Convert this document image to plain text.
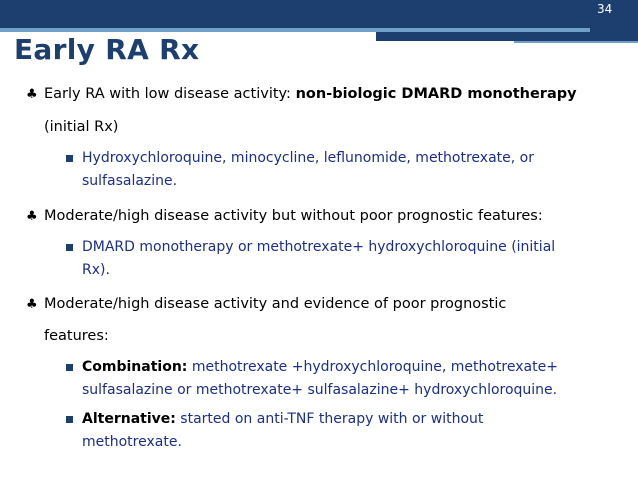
34
Early RA Rx
♣ Early RA with low disease activity: non-biologic DMARD monotherapy
(initial Rx)
Hydroxychloroquine, minocycline, leflunomide, methotrexate, or
sulfasalazine.
♣ Moderate/high disease activity but without poor prognostic features:
DMARD monotherapy or methotrexate+ hydroxychloroquine (initial
Rx).
♣ Moderate/high disease activity and evidence of poor prognostic
features:
Combination: methotrexate +hydroxychloroquine, methotrexate+
sulfasalazine or methotrexate+ sulfasalazine+ hydroxychloroquine.
Alternative: started on anti-TNF therapy with or without
methotrexate.
